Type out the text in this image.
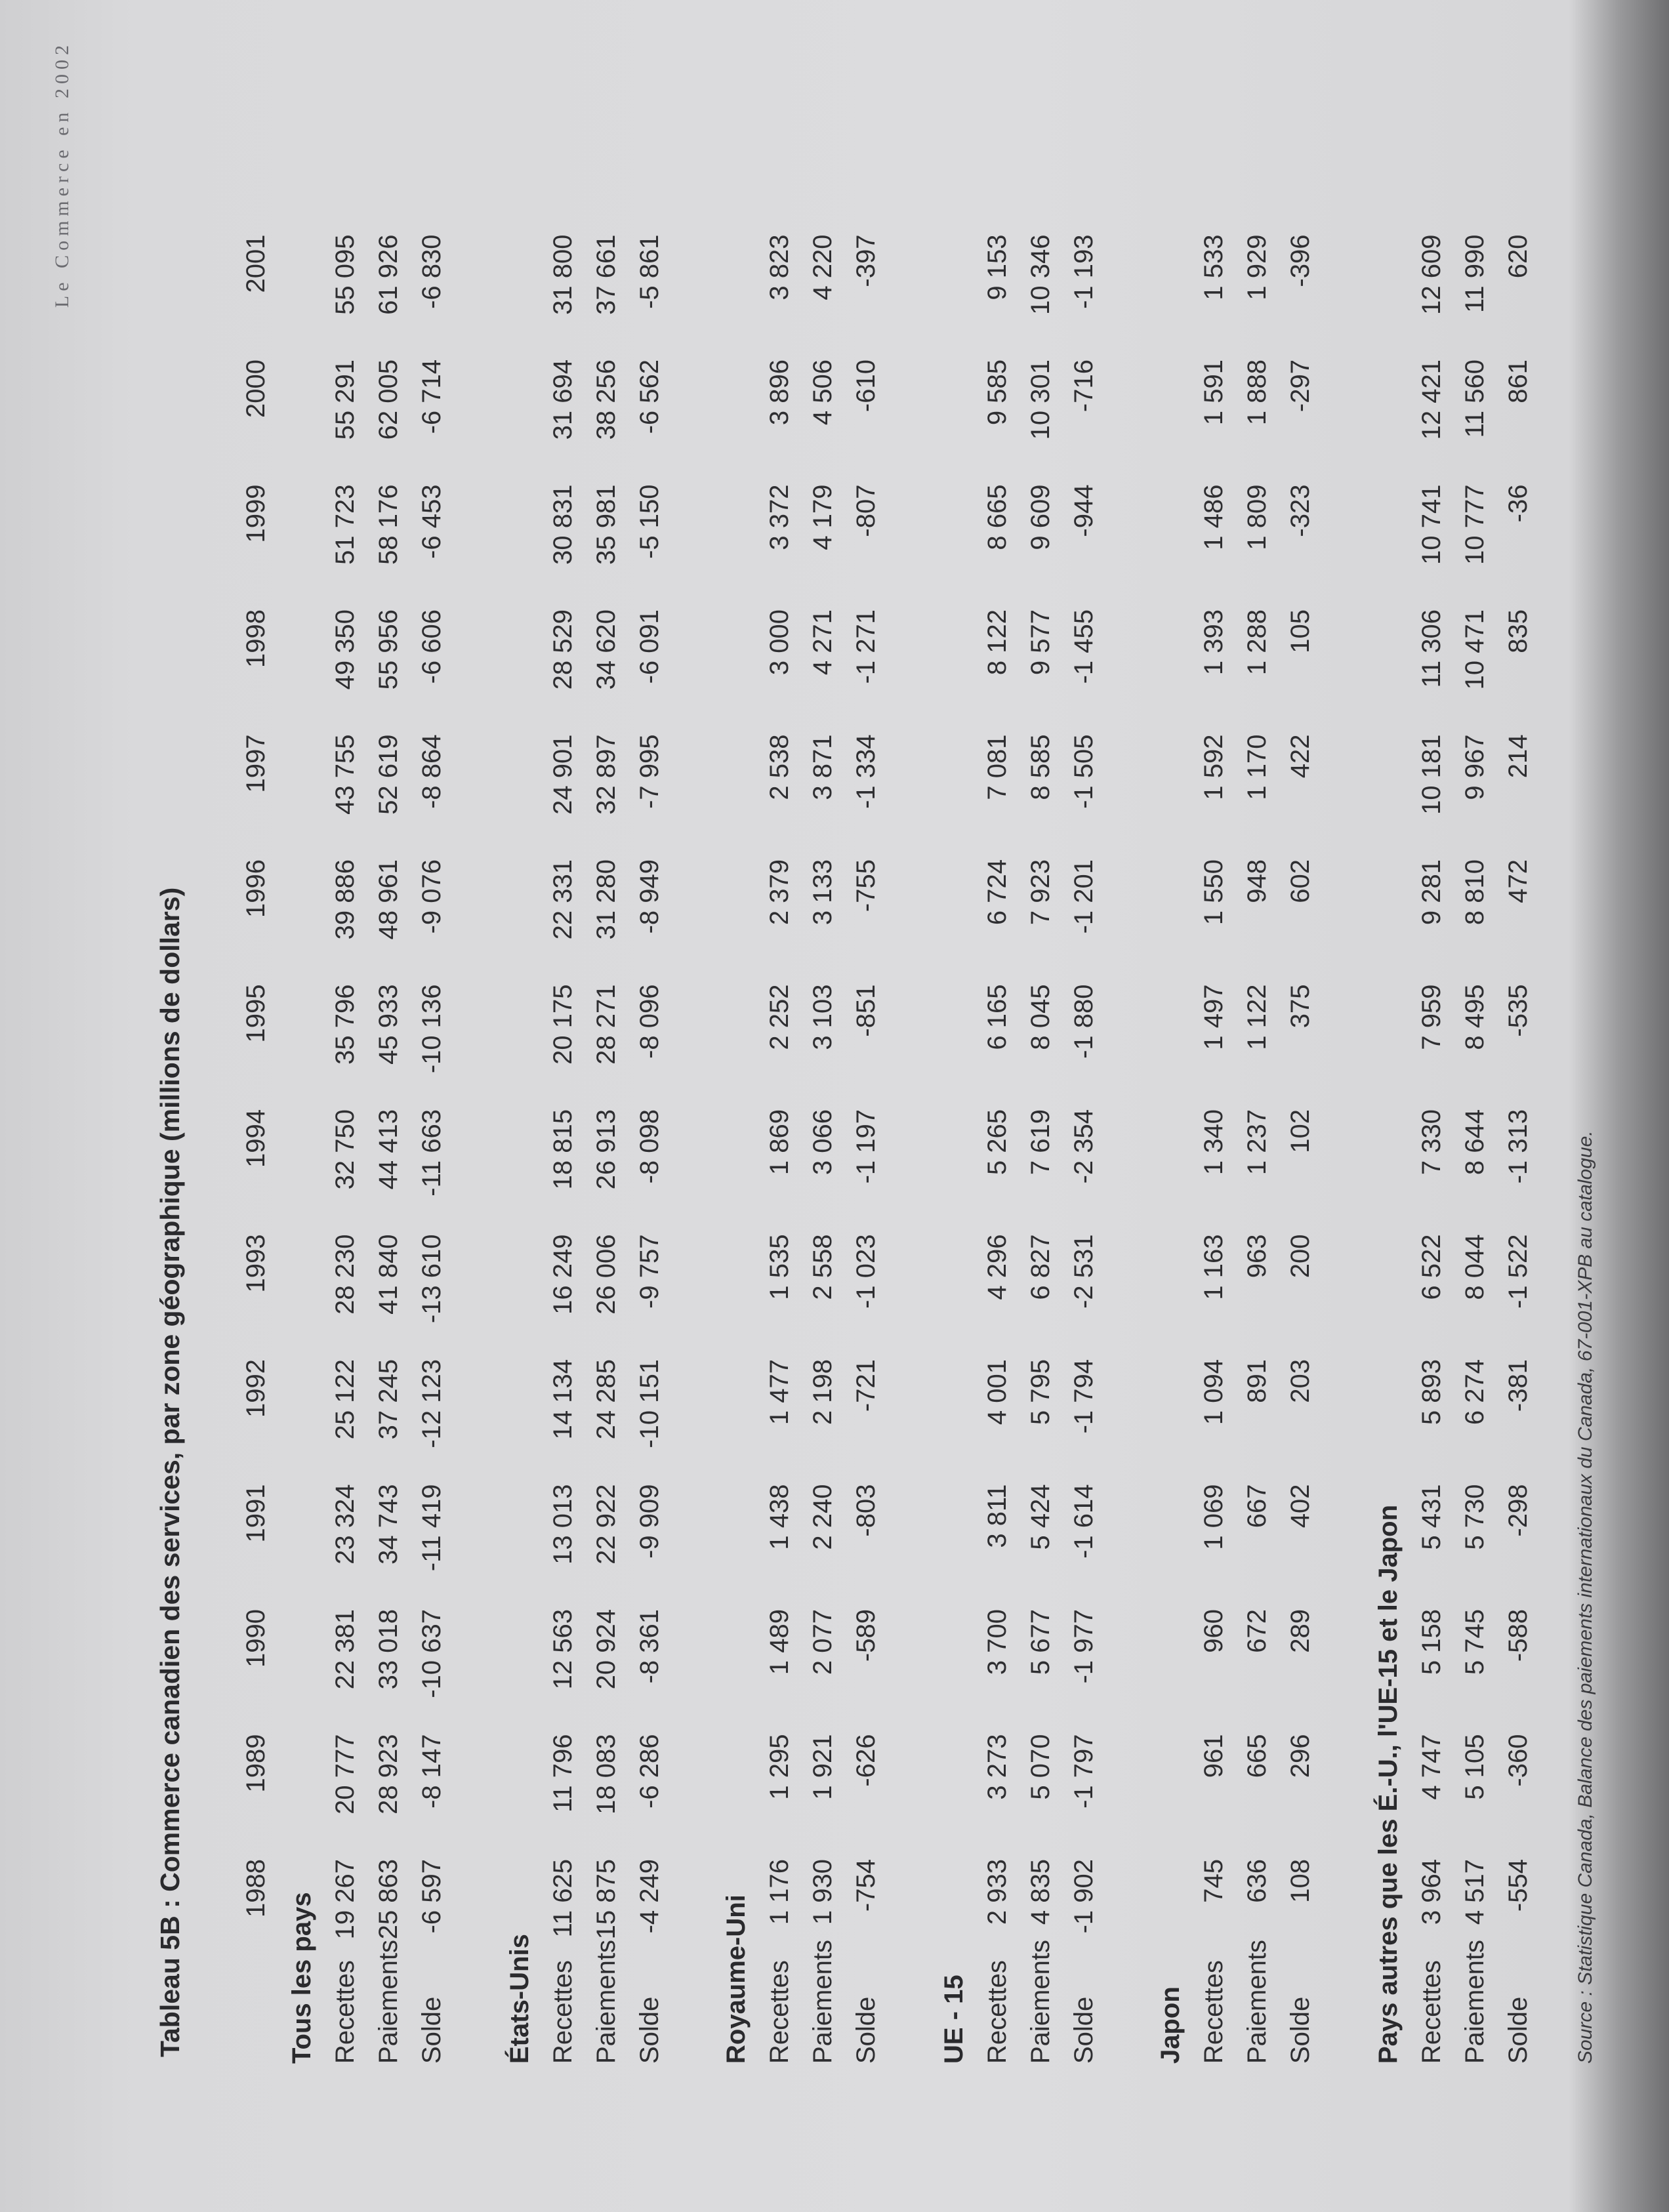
Le Commerce en 2002
Tableau 5B : Commerce canadien des services, par zone géographique (millions de dollars) 1988
1989
1990
1991
1992
1993
1994
1995
1996
1997
1998
1999
2000
2001
Tous les pays Recettes
19 267
20 777
22 381
23 324
25 122
28 230
32 750
35 796
39 886
43 755
49 350
51 723
55 291
55 095
Paiements
25 863
28 923
33 018
34 743
37 245
41 840
44 413
45 933
48 961
52 619
55 956
58 176
62 005
61 926
Solde
-6 597
-8 147
-10 637
-11 419
-12 123
-13 610
-11 663
-10 136
-9 076
-8 864
-6 606
-6 453
-6 714
-6 830
États-Unis Recettes
11 625
11 796
12 563
13 013
14 134
16 249
18 815
20 175
22 331
24 901
28 529
30 831
31 694
31 800
Paiements
15 875
18 083
20 924
22 922
24 285
26 006
26 913
28 271
31 280
32 897
34 620
35 981
38 256
37 661
Solde
-4 249
-6 286
-8 361
-9 909
-10 151
-9 757
-8 098
-8 096
-8 949
-7 995
-6 091
-5 150
-6 562
-5 861
Royaume-Uni Recettes
1 176
1 295
1 489
1 438
1 477
1 535
1 869
2 252
2 379
2 538
3 000
3 372
3 896
3 823
Paiements
1 930
1 921
2 077
2 240
2 198
2 558
3 066
3 103
3 133
3 871
4 271
4 179
4 506
4 220
Solde
-754
-626
-589
-803
-721
-1 023
-1 197
-851
-755
-1 334
-1 271
-807
-610
-397
UE - 15 Recettes
2 933
3 273
3 700
3 811
4 001
4 296
5 265
6 165
6 724
7 081
8 122
8 665
9 585
9 153
Paiements
4 835
5 070
5 677
5 424
5 795
6 827
7 619
8 045
7 923
8 585
9 577
9 609
10 301
10 346
Solde
-1 902
-1 797
-1 977
-1 614
-1 794
-2 531
-2 354
-1 880
-1 201
-1 505
-1 455
-944
-716
-1 193
Japon Recettes
745
961
960
1 069
1 094
1 163
1 340
1 497
1 550
1 592
1 393
1 486
1 591
1 533
Paiements
636
665
672
667
891
963
1 237
1 122
948
1 170
1 288
1 809
1 888
1 929
Solde
108
296
289
402
203
200
102
375
602
422
105
-323
-297
-396
Pays autres que les É.-U., l'UE-15 et le Japon Recettes
3 964
4 747
5 158
5 431
5 893
6 522
7 330
7 959
9 281
10 181
11 306
10 741
12 421
12 609
Paiements
4 517
5 105
5 745
5 730
6 274
8 044
8 644
8 495
8 810
9 967
10 471
10 777
11 560
11 990
Solde
-554
-360
-588
-298
-381
-1 522
-1 313
-535
472
214
835
-36
861
620
Source : Statistique Canada, Balance des paiements internationaux du Canada, 67-001-XPB au catalogue.
